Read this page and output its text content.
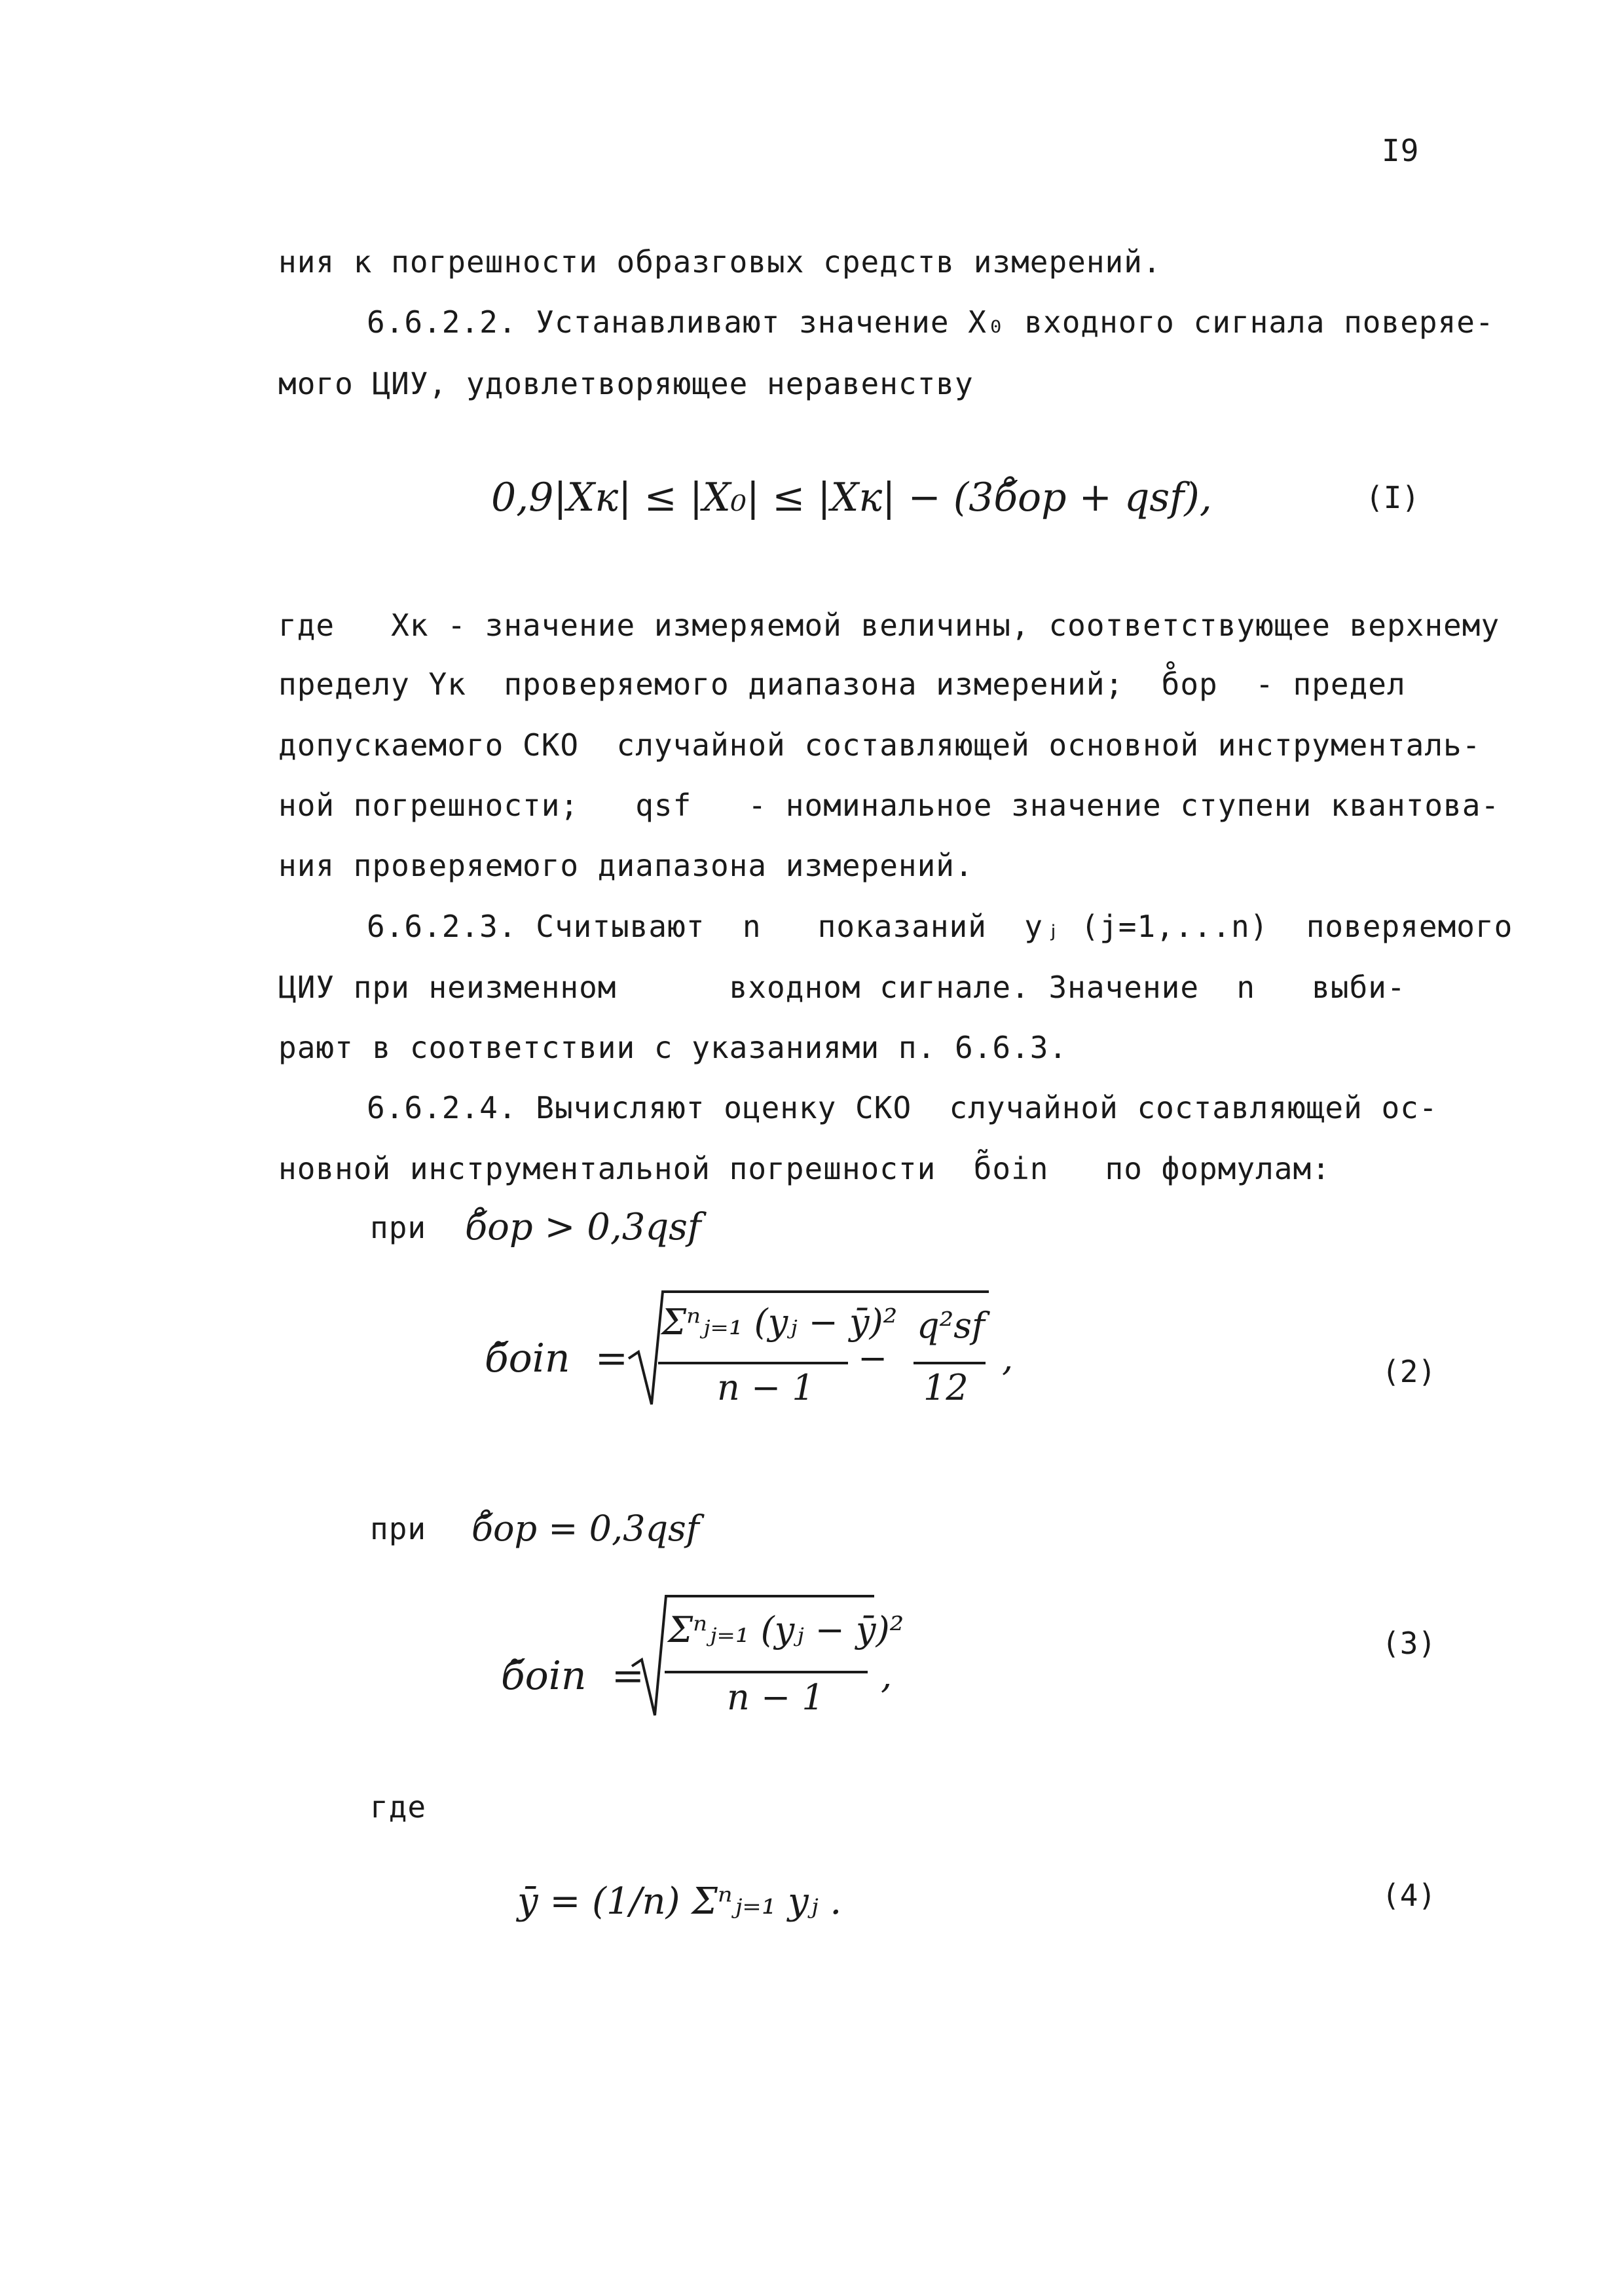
I9
ния к погрешности образговых средств измерений.
6.6.2.2. Устанавливают значение X₀ входного сигнала поверяе-
мого ЦИУ, удовлетворяющее неравенству
0,9|Xк| ≤ |X₀| ≤ |Xк| − (3б̊ор + qsf),	(I)
где   Xк - значение измеряемой величины, соответствующее верхнему
пределу Yк  проверяемого диапазона измерений;  б̊ор  - предел
допускаемого СКО  случайной составляющей основной инструменталь-
ной погрешности;   qsf   - номинальное значение ступени квантова-
ния проверяемого диапазона измерений.
6.6.2.3. Считывают  n   показаний  yⱼ (j=1,...n)  поверяемого
ЦИУ при неизменном      входном сигнале. Значение  n   выби-
рают в соответствии с указаниями п. 6.6.3.
6.6.2.4. Вычисляют оценку СКО  случайной составляющей ос-
новной инструментальной погрешности  б̃оin   по формулам:
при б̊ор > 0,3qsf
б̃оin  =
Σⁿⱼ₌₁ (yⱼ − ȳ)²
n − 1
−
q²sf
12
,	(2)
при б̊ор = 0,3qsf
б̃оin  =
Σⁿⱼ₌₁ (yⱼ − ȳ)²
n − 1
,
(3)
где
ȳ = (1/n) Σⁿⱼ₌₁ yⱼ .	(4)
